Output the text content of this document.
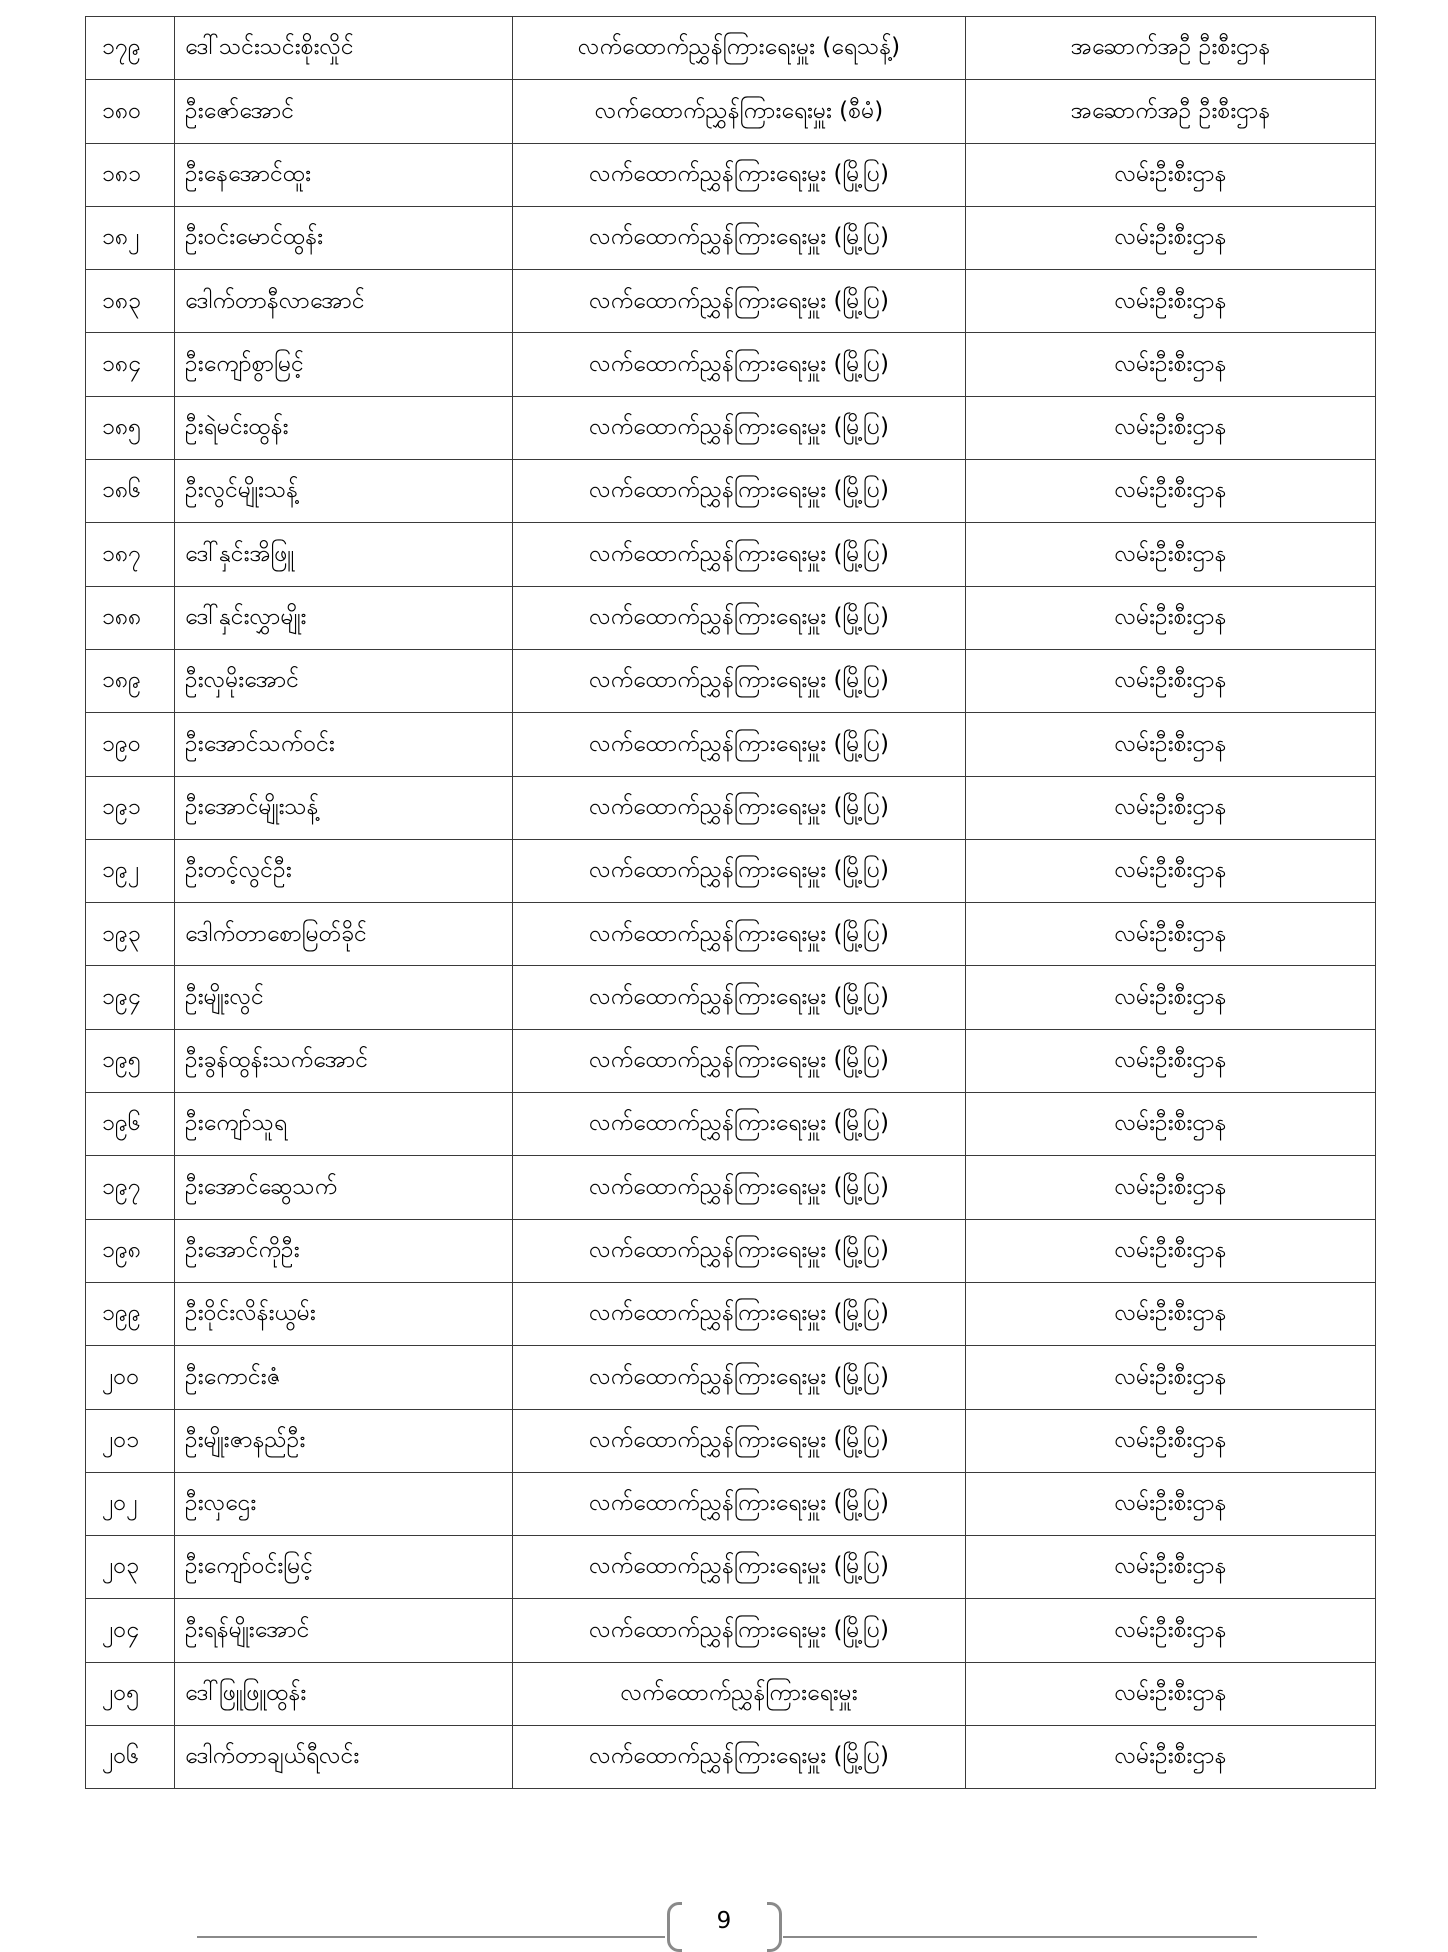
၁၇၉	ဒေါ်သင်းသင်းစိုးလှိုင်	လက်ထောက်ညွှန်ကြားရေးမှူး (ရေသန့်)	အဆောက်အဦ ဦးစီးဌာန
၁၈၀	ဦးဇော်အောင်	လက်ထောက်ညွှန်ကြားရေးမှူး (စီမံ)	အဆောက်အဦ ဦးစီးဌာန
၁၈၁	ဦးနေအောင်ထူး	လက်ထောက်ညွှန်ကြားရေးမှူး (မြို့ပြ)	လမ်းဦးစီးဌာန
၁၈၂	ဦးဝင်းမောင်ထွန်း	လက်ထောက်ညွှန်ကြားရေးမှူး (မြို့ပြ)	လမ်းဦးစီးဌာန
၁၈၃	ဒေါက်တာနီလာအောင်	လက်ထောက်ညွှန်ကြားရေးမှူး (မြို့ပြ)	လမ်းဦးစီးဌာန
၁၈၄	ဦးကျော်စွာမြင့်	လက်ထောက်ညွှန်ကြားရေးမှူး (မြို့ပြ)	လမ်းဦးစီးဌာန
၁၈၅	ဦးရဲမင်းထွန်း	လက်ထောက်ညွှန်ကြားရေးမှူး (မြို့ပြ)	လမ်းဦးစီးဌာန
၁၈၆	ဦးလွင်မျိုးသန့်	လက်ထောက်ညွှန်ကြားရေးမှူး (မြို့ပြ)	လမ်းဦးစီးဌာန
၁၈၇	ဒေါ်နှင်းအိဖြူ	လက်ထောက်ညွှန်ကြားရေးမှူး (မြို့ပြ)	လမ်းဦးစီးဌာန
၁၈၈	ဒေါ်နှင်းလွှာမျိုး	လက်ထောက်ညွှန်ကြားရေးမှူး (မြို့ပြ)	လမ်းဦးစီးဌာန
၁၈၉	ဦးလှမိုးအောင်	လက်ထောက်ညွှန်ကြားရေးမှူး (မြို့ပြ)	လမ်းဦးစီးဌာန
၁၉၀	ဦးအောင်သက်ဝင်း	လက်ထောက်ညွှန်ကြားရေးမှူး (မြို့ပြ)	လမ်းဦးစီးဌာန
၁၉၁	ဦးအောင်မျိုးသန့်	လက်ထောက်ညွှန်ကြားရေးမှူး (မြို့ပြ)	လမ်းဦးစီးဌာန
၁၉၂	ဦးတင့်လွင်ဦး	လက်ထောက်ညွှန်ကြားရေးမှူး (မြို့ပြ)	လမ်းဦးစီးဌာန
၁၉၃	ဒေါက်တာစောမြတ်ခိုင်	လက်ထောက်ညွှန်ကြားရေးမှူး (မြို့ပြ)	လမ်းဦးစီးဌာန
၁၉၄	ဦးမျိုးလွင်	လက်ထောက်ညွှန်ကြားရေးမှူး (မြို့ပြ)	လမ်းဦးစီးဌာန
၁၉၅	ဦးခွန်ထွန်းသက်အောင်	လက်ထောက်ညွှန်ကြားရေးမှူး (မြို့ပြ)	လမ်းဦးစီးဌာန
၁၉၆	ဦးကျော်သူရ	လက်ထောက်ညွှန်ကြားရေးမှူး (မြို့ပြ)	လမ်းဦးစီးဌာန
၁၉၇	ဦးအောင်ဆွေသက်	လက်ထောက်ညွှန်ကြားရေးမှူး (မြို့ပြ)	လမ်းဦးစီးဌာန
၁၉၈	ဦးအောင်ကိုဦး	လက်ထောက်ညွှန်ကြားရေးမှူး (မြို့ပြ)	လမ်းဦးစီးဌာန
၁၉၉	ဦးဝိုင်းလိန်းယွမ်း	လက်ထောက်ညွှန်ကြားရေးမှူး (မြို့ပြ)	လမ်းဦးစီးဌာန
၂၀၀	ဦးကောင်းဇံ	လက်ထောက်ညွှန်ကြားရေးမှူး (မြို့ပြ)	လမ်းဦးစီးဌာန
၂၀၁	ဦးမျိုးဇာနည်ဦး	လက်ထောက်ညွှန်ကြားရေးမှူး (မြို့ပြ)	လမ်းဦးစီးဌာန
၂၀၂	ဦးလှဌေး	လက်ထောက်ညွှန်ကြားရေးမှူး (မြို့ပြ)	လမ်းဦးစီးဌာန
၂၀၃	ဦးကျော်ဝင်းမြင့်	လက်ထောက်ညွှန်ကြားရေးမှူး (မြို့ပြ)	လမ်းဦးစီးဌာန
၂၀၄	ဦးရန်မျိုးအောင်	လက်ထောက်ညွှန်ကြားရေးမှူး (မြို့ပြ)	လမ်းဦးစီးဌာန
၂၀၅	ဒေါ်ဖြူဖြူထွန်း	လက်ထောက်ညွှန်ကြားရေးမှူး	လမ်းဦးစီးဌာန
၂၀၆	ဒေါက်တာချယ်ရီလင်း	လက်ထောက်ညွှန်ကြားရေးမှူး (မြို့ပြ)	လမ်းဦးစီးဌာန
9
